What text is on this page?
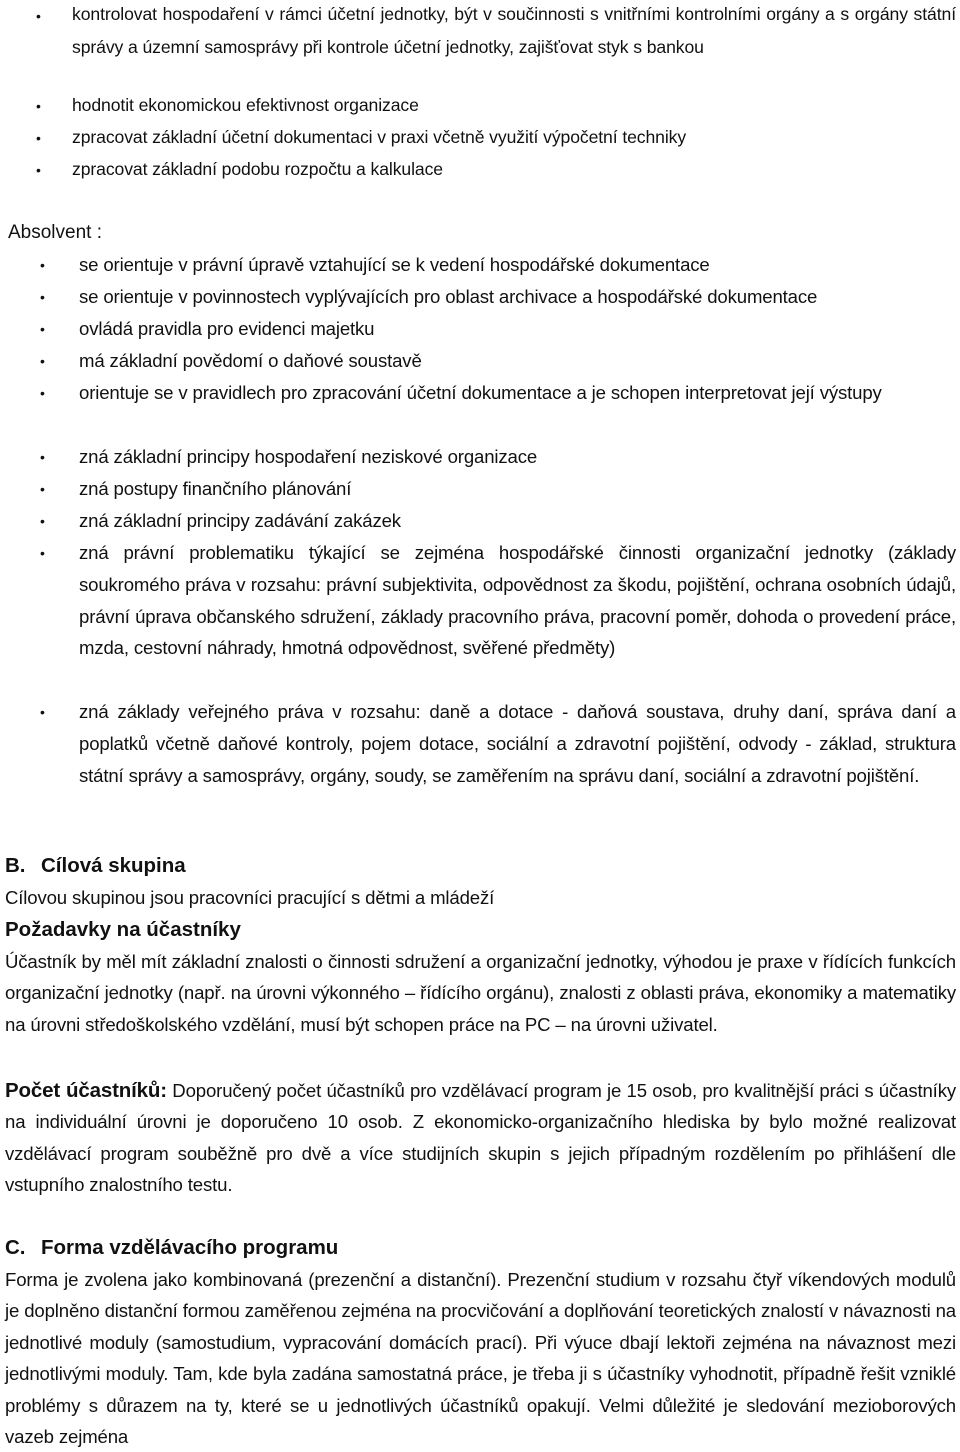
• kontrolovat hospodaření v rámci účetní jednotky, být v součinnosti s vnitřními kontrolními orgány a s orgány státní správy a územní samosprávy při kontrole účetní jednotky, zajišťovat styk s bankou
• hodnotit ekonomickou efektivnost organizace
• zpracovat základní účetní dokumentaci v praxi včetně využití výpočetní techniky
• zpracovat základní podobu rozpočtu a kalkulace
Absolvent :
• se orientuje v právní úpravě vztahující se k vedení hospodářské dokumentace
• se orientuje v povinnostech vyplývajících pro oblast archivace a hospodářské dokumentace
• ovládá pravidla pro evidenci majetku
• má základní povědomí o daňové soustavě
• orientuje se v pravidlech pro zpracování účetní dokumentace a je schopen interpretovat její výstupy
• zná základní principy hospodaření neziskové organizace
• zná postupy finančního plánování
• zná základní principy zadávání zakázek
• zná právní problematiku týkající se zejména hospodářské činnosti organizační jednotky (základy soukromého práva v rozsahu: právní subjektivita, odpovědnost za škodu, pojištění, ochrana osobních údajů, právní úprava občanského sdružení, základy pracovního práva, pracovní poměr, dohoda o provedení práce, mzda, cestovní náhrady, hmotná odpovědnost, svěřené předměty)
• zná základy veřejného práva v rozsahu: daně a dotace - daňová soustava, druhy daní, správa daní a poplatků včetně daňové kontroly, pojem dotace, sociální a zdravotní pojištění, odvody - základ, struktura státní správy a samosprávy, orgány, soudy, se zaměřením na správu daní, sociální a zdravotní pojištění.
B. Cílová skupina
Cílovou skupinou jsou pracovníci pracující s dětmi a mládeží
Požadavky na účastníky
Účastník by měl mít základní znalosti o činnosti sdružení a organizační jednotky, výhodou je praxe v řídících funkcích organizační jednotky (např. na úrovni výkonného – řídícího orgánu), znalosti z oblasti práva, ekonomiky a matematiky na úrovni středoškolského vzdělání, musí být schopen práce na PC – na úrovni uživatel.
Počet účastníků: Doporučený počet účastníků pro vzdělávací program je 15 osob, pro kvalitnější práci s účastníky na individuální úrovni je doporučeno 10 osob. Z ekonomicko-organizačního hlediska by bylo možné realizovat vzdělávací program souběžně pro dvě a více studijních skupin s jejich případným rozdělením po přihlášení dle vstupního znalostního testu.
C. Forma vzdělávacího programu
Forma je zvolena jako kombinovaná (prezenční a distanční). Prezenční studium v rozsahu čtyř víkendových modulů je doplněno distanční formou zaměřenou zejména na procvičování a doplňování teoretických znalostí v návaznosti na jednotlivé moduly (samostudium, vypracování domácích prací). Při výuce dbají lektoři zejména na návaznost mezi jednotlivými moduly. Tam, kde byla zadána samostatná práce, je třeba ji s účastníky vyhodnotit, případně řešit vzniklé problémy s důrazem na ty, které se u jednotlivých účastníků opakují. Velmi důležité je sledování mezioborových vazeb zejména
